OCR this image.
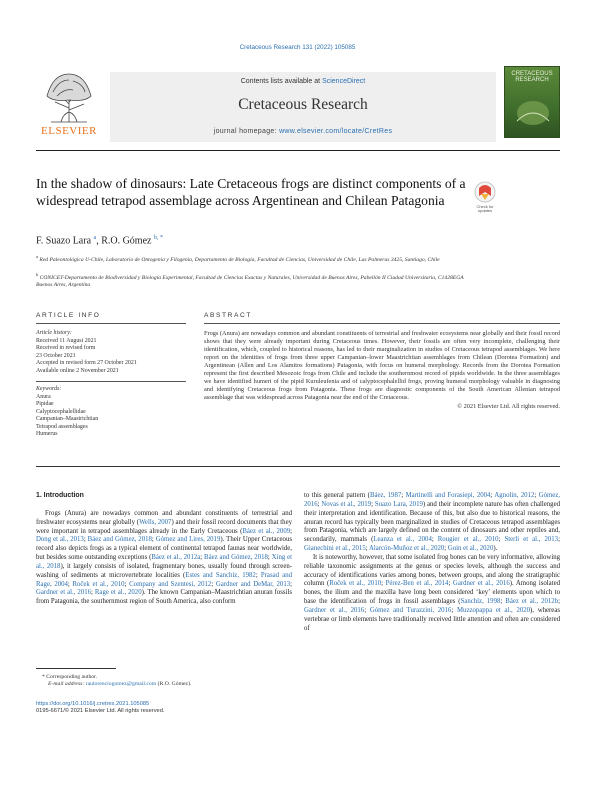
Cretaceous Research 131 (2022) 105085
ELSEVIER
Contents lists available at ScienceDirect
Cretaceous Research
journal homepage: www.elsevier.com/locate/CretRes
CRETACEOUS RESEARCH
In the shadow of dinosaurs: Late Cretaceous frogs are distinct components of a widespread tetrapod assemblage across Argentinean and Chilean Patagonia	Check for
updates
F. Suazo Lara $^a$, R.O. Gómez $^{b, *}$
$^a$ Red Paleontológica U-Chile, Laboratorio de Ontogenia y Filogenia, Departamento de Biología, Facultad de Ciencias, Universidad de Chile, Las Palmeras 3425, Santiago, Chile
$^b$ CONICET-Departamento de Biodiversidad y Biología Experimental, Facultad de Ciencias Exactas y Naturales, Universidad de Buenos Aires, Pabellón II Ciudad Universitaria, C1428EGA Buenos Aires, Argentina
ARTICLE INFO	ABSTRACT
Article history:
Received 11 August 2021
Received in revised form
23 October 2021
Accepted in revised form 27 October 2021
Available online 2 November 2021
Keywords:
Anura
Pipidae
Calyptocephalellidae
Campanian–Maastrichtian
Tetrapod assemblages
Humerus
Frogs (Anura) are nowadays common and abundant constituents of terrestrial and freshwater ecosystems near globally and their fossil record shows that they were already important during Cretaceous times. However, their fossils are often very incomplete, challenging their identification, which, coupled to historical reasons, has led to their marginalization in studies of Cretaceous tetrapod assemblages. We here report on the identities of frogs from three upper Campanian–lower Maastrichtian assemblages from Chilean (Dorotea Formation) and Argentinean (Allen and Los Alamitos formations) Patagonia, with focus on humeral morphology. Records from the Dorotea Formation represent the first described Mesozoic frogs from Chile and include the southernmost record of pipids worldwide. In the three assemblages we have identified humeri of the pipid Kuruleufenia and of calyptocephalellid frogs, proving humeral morphology valuable in diagnosing and identifying Cretaceous frogs from Patagonia. These frogs are diagnostic components of the South American Allenian tetrapod assemblage that was widespread across Patagonia near the end of the Cretaceous.
© 2021 Elsevier Ltd. All rights reserved.
1. Introduction
Frogs (Anura) are nowadays common and abundant constituents of terrestrial and freshwater ecosystems near globally (Wells, 2007) and their fossil record documents that they were important in tetrapod assemblages already in the Early Cretaceous (Báez et al., 2009; Dong et al., 2013; Báez and Gómez, 2018; Gómez and Lires, 2019). Their Upper Cretaceous record also depicts frogs as a typical element of continental tetrapod faunas near worldwide, but besides some outstanding exceptions (Báez et al., 2012a; Báez and Gómez, 2018; Xing et al., 2018), it largely consists of isolated, fragmentary bones, usually found through screen-washing of sediments at microvertebrate localities (Estes and Sanchíz, 1982; Prasad and Rage, 2004; Roček et al., 2010; Company and Szentesi, 2012; Gardner and DeMar, 2013; Gardner et al., 2016; Rage et al., 2020). The known Campanian–Maastrichtian anuran fossils from Patagonia, the southernmost region of South America, also conform
to this general pattern (Báez, 1987; Martinelli and Forasiepi, 2004; Agnolin, 2012; Gómez, 2016; Novas et al., 2019; Suazo Lara, 2019) and their incomplete nature has often challenged their interpretation and identification. Because of this, but also due to historical reasons, the anuran record has typically been marginalized in studies of Cretaceous tetrapod assemblages from Patagonia, which are largely defined on the content of dinosaurs and other reptiles and, secondarily, mammals (Leanza et al., 2004; Rougier et al., 2010; Sterli et al., 2013; Gianechini et al., 2015; Alarcón-Muñoz et al., 2020; Goin et al., 2020).
It is noteworthy, however, that some isolated frog bones can be very informative, allowing reliable taxonomic assignments at the genus or species levels, although the success and accuracy of identifications varies among bones, between groups, and along the stratigraphic column (Roček et al., 2010; Pérez-Ben et al., 2014; Gardner et al., 2016). Among isolated bones, the ilium and the maxilla have long been considered ‘key’ elements upon which to base the identification of frogs in fossil assemblages (Sanchíz, 1998; Báez et al., 2012b; Gardner et al., 2016; Gómez and Turazzini, 2016; Muzzopappa et al., 2020), whereas vertebrae or limb elements have traditionally received little attention and often are considered of
* Corresponding author.
E-mail address: raulorenciogomez@gmail.com (R.O. Gómez).
https://doi.org/10.1016/j.cretres.2021.105085
0195-6671/© 2021 Elsevier Ltd. All rights reserved.
